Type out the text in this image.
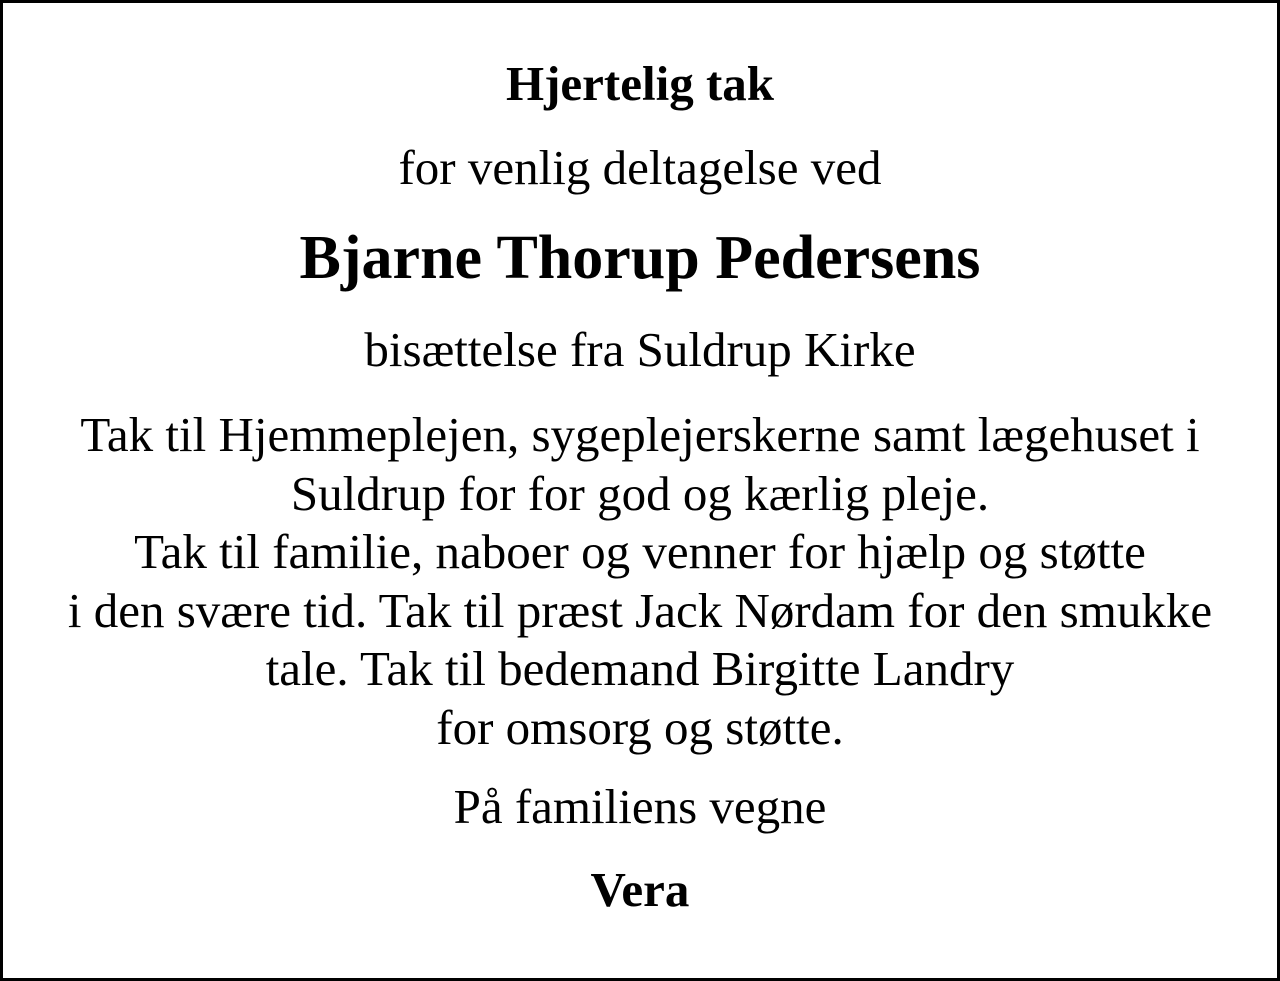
Hjertelig tak

for venlig deltagelse ved

Bjarne Thorup Pedersens

bisættelse fra Suldrup Kirke

Tak til Hjemmeplejen, sygeplejerskerne samt lægehuset i
Suldrup for for god og kærlig pleje.
Tak til familie, naboer og venner for hjælp og støtte
i den svære tid. Tak til præst Jack Nørdam for den smukke
tale. Tak til bedemand Birgitte Landry
for omsorg og støtte.

På familiens vegne

Vera
